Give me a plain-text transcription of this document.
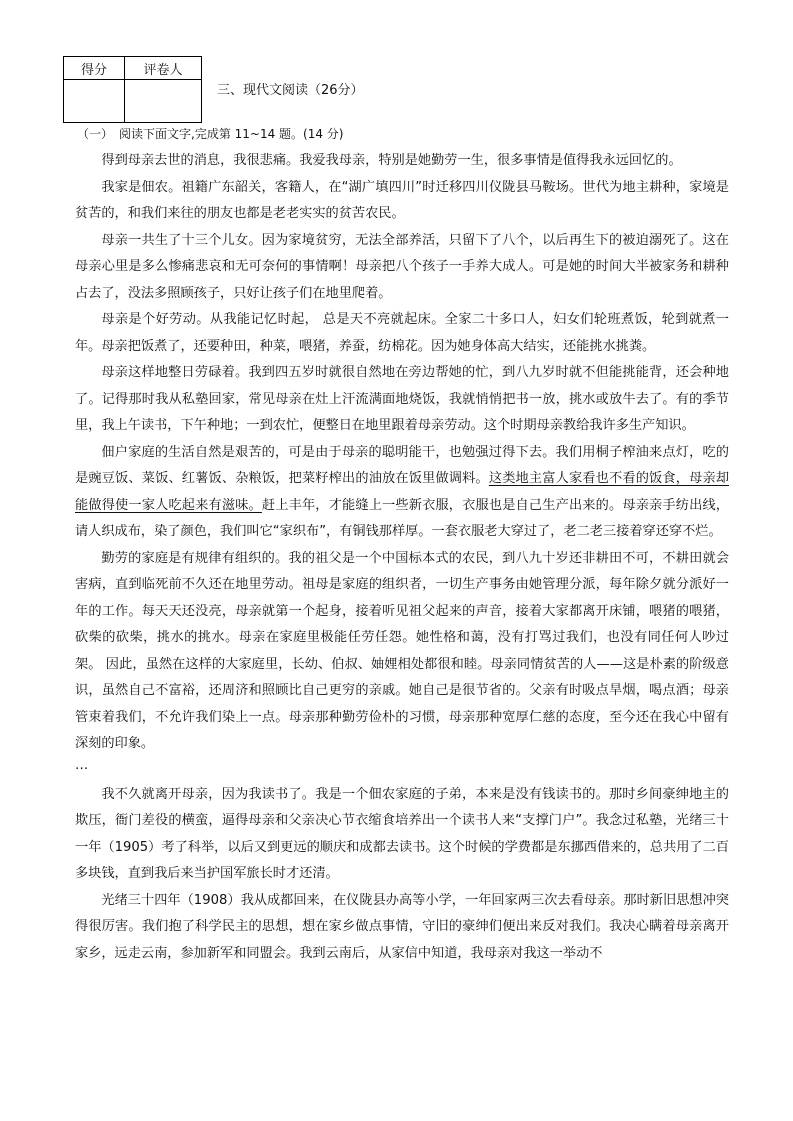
得分	评卷人

三、现代文阅读（26分）
（一）　阅读下面文字,完成第 11~14 题。(14 分)

得到母亲去世的消息，我很悲痛。我爱我母亲，特别是她勤劳一生，很多事情是值得我永远回忆的。

我家是佃农。祖籍广东韶关，客籍人，在“湖广填四川”时迁移四川仪陇县马鞍场。世代为地主耕种，家境是贫苦的，和我们来往的朋友也都是老老实实的贫苦农民。

母亲一共生了十三个儿女。因为家境贫穷，无法全部养活，只留下了八个，以后再生下的被迫溺死了。这在母亲心里是多么惨痛悲哀和无可奈何的事情啊！母亲把八个孩子一手养大成人。可是她的时间大半被家务和耕种占去了，没法多照顾孩子，只好让孩子们在地里爬着。

母亲是个好劳动。从我能记忆时起， 总是天不亮就起床。全家二十多口人，妇女们轮班煮饭，轮到就煮一年。母亲把饭煮了，还要种田，种菜，喂猪，养蚕，纺棉花。因为她身体高大结实，还能挑水挑粪。

母亲这样地整日劳碌着。我到四五岁时就很自然地在旁边帮她的忙，到八九岁时就不但能挑能背，还会种地了。记得那时我从私塾回家，常见母亲在灶上汗流满面地烧饭，我就悄悄把书一放，挑水或放牛去了。有的季节里，我上午读书，下午种地；一到农忙，便整日在地里跟着母亲劳动。这个时期母亲教给我许多生产知识。

佃户家庭的生活自然是艰苦的，可是由于母亲的聪明能干，也勉强过得下去。我们用桐子榨油来点灯，吃的是豌豆饭、菜饭、红薯饭、杂粮饭，把菜籽榨出的油放在饭里做调料。这类地主富人家看也不看的饭食，母亲却能做得使一家人吃起来有滋味。赶上丰年，才能缝上一些新衣服，衣服也是自己生产出来的。母亲亲手纺出线，请人织成布，染了颜色，我们叫它“家织布”，有铜钱那样厚。一套衣服老大穿过了，老二老三接着穿还穿不烂。

勤劳的家庭是有规律有组织的。我的祖父是一个中国标本式的农民，到八九十岁还非耕田不可，不耕田就会害病，直到临死前不久还在地里劳动。祖母是家庭的组织者，一切生产事务由她管理分派，每年除夕就分派好一年的工作。每天天还没亮，母亲就第一个起身，接着听见祖父起来的声音，接着大家都离开床铺，喂猪的喂猪，砍柴的砍柴，挑水的挑水。母亲在家庭里极能任劳任怨。她性格和蔼，没有打骂过我们，也没有同任何人吵过架。 因此，虽然在这样的大家庭里，长幼、伯叔、妯娌相处都很和睦。母亲同情贫苦的人——这是朴素的阶级意识，虽然自己不富裕，还周济和照顾比自己更穷的亲戚。她自己是很节省的。父亲有时吸点旱烟，喝点酒；母亲管束着我们，不允许我们染上一点。母亲那种勤劳俭朴的习惯，母亲那种宽厚仁慈的态度，至今还在我心中留有深刻的印象。

…

我不久就离开母亲，因为我读书了。我是一个佃农家庭的子弟，本来是没有钱读书的。那时乡间豪绅地主的欺压，衙门差役的横蛮，逼得母亲和父亲决心节衣缩食培养出一个读书人来“支撑门户”。我念过私塾，光绪三十一年（1905）考了科举，以后又到更远的顺庆和成都去读书。这个时候的学费都是东挪西借来的，总共用了二百多块钱，直到我后来当护国军旅长时才还清。

光绪三十四年（1908）我从成都回来，在仪陇县办高等小学，一年回家两三次去看母亲。那时新旧思想冲突得很厉害。我们抱了科学民主的思想，想在家乡做点事情，守旧的豪绅们便出来反对我们。我决心瞒着母亲离开家乡，远走云南，参加新军和同盟会。我到云南后，从家信中知道，我母亲对我这一举动不
